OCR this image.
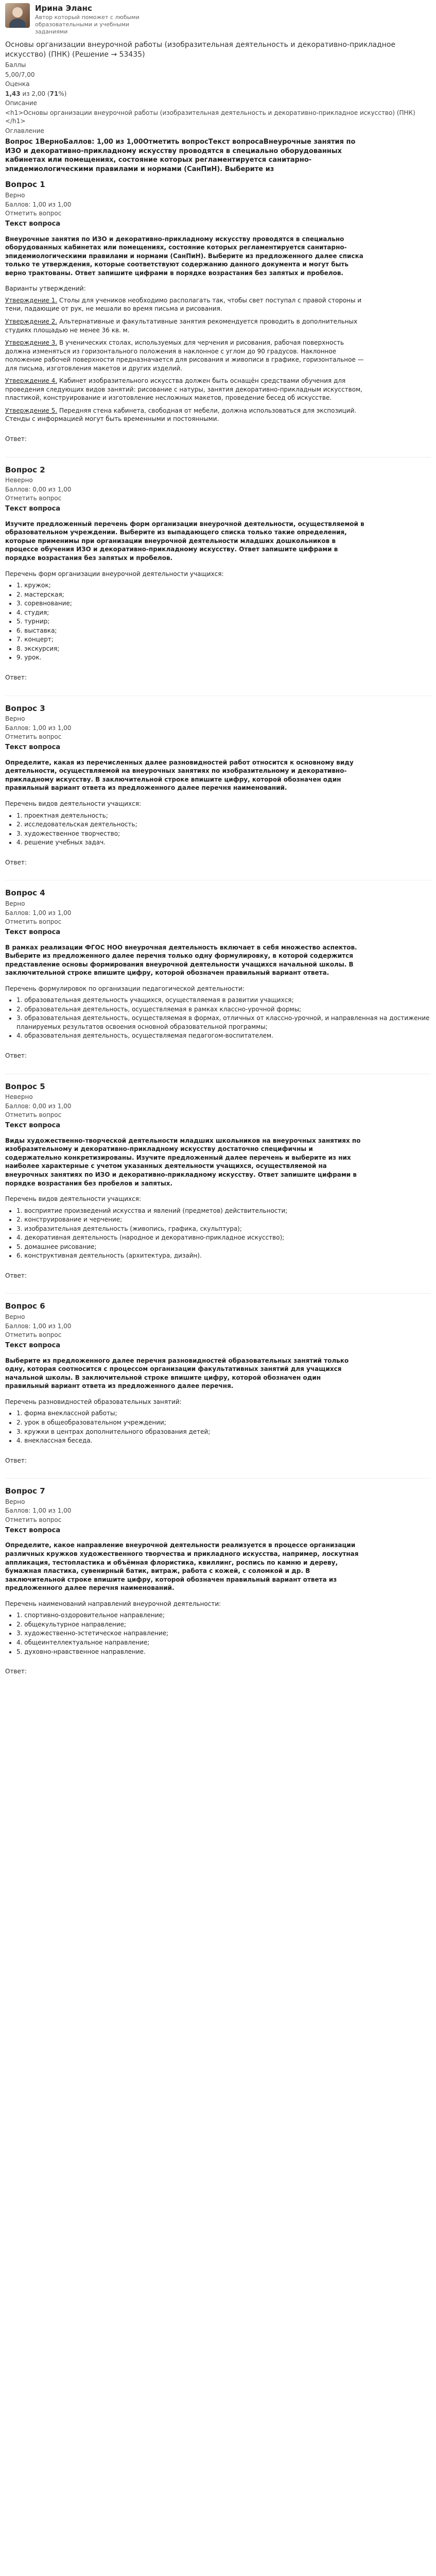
Ирина Эланс
Автор который поможет с любыми образовательными и учебными заданиями
Основы организации внеурочной работы (изобразительная деятельность и декоративно-прикладное искусство) (ПНК) (Решение → 53435)
Баллы
5,00/7,00
Оценка
1,43 из 2,00 (71%)
Описание
<h1>Основы организации внеурочной работы (изобразительная деятельность и декоративно-прикладное искусство) (ПНК)</h1>
Оглавление
Вопрос 1ВерноБаллов: 1,00 из 1,00Отметить вопросТекст вопросаВнеурочные занятия по ИЗО и декоративно-прикладному искусству проводятся в специально оборудованных кабинетах или помещениях, состояние которых регламентируется санитарно-эпидемиологическими правилами и нормами (СанПиН). Выберите из
Вопрос 1
Верно
Баллов: 1,00 из 1,00
Отметить вопрос
Текст вопроса
Внеурочные занятия по ИЗО и декоративно-прикладному искусству проводятся в специально оборудованных кабинетах или помещениях, состояние которых регламентируется санитарно-эпидемиологическими правилами и нормами (СанПиН). Выберите из предложенного далее списка только те утверждения, которые соответствуют содержанию данного документа и могут быть верно трактованы. Ответ запишите цифрами в порядке возрастания без запятых и пробелов.
Варианты утверждений:

Утверждение 1. Столы для учеников необходимо располагать так, чтобы свет поступал с правой стороны и тени, падающие от рук, не мешали во время письма и рисования.

Утверждение 2. Альтернативные и факультативные занятия рекомендуется проводить в дополнительных студиях площадью не менее 36 кв. м.

Утверждение 3. В ученических столах, используемых для черчения и рисования, рабочая поверхность должна изменяться из горизонтального положения в наклонное с углом до 90 градусов. Наклонное положение рабочей поверхности предназначается для рисования и живописи в графике, горизонтальное — для письма, изготовления макетов и других изделий.

Утверждение 4. Кабинет изобразительного искусства должен быть оснащён средствами обучения для проведения следующих видов занятий: рисование с натуры, занятия декоративно-прикладным искусством, пластикой, конструирование и изготовление несложных макетов, проведение бесед об искусстве.

Утверждение 5. Передняя стена кабинета, свободная от мебели, должна использоваться для экспозиций. Стенды с информацией могут быть временными и постоянными.

Ответ:
Вопрос 2
Неверно
Баллов: 0,00 из 1,00
Отметить вопрос
Текст вопроса
Изучите предложенный перечень форм организации внеурочной деятельности, осуществляемой в образовательном учреждении. Выберите из выпадающего списка только такие определения, которые применимы при организации внеурочной деятельности младших дошкольников в процессе обучения ИЗО и декоративно-прикладному искусству. Ответ запишите цифрами в порядке возрастания без запятых и пробелов.
Перечень форм организации внеурочной деятельности учащихся:
• 1. кружок;
• 2. мастерская;
• 3. соревнование;
• 4. студия;
• 5. турнир;
• 6. выставка;
• 7. концерт;
• 8. экскурсия;
• 9. урок.
Ответ:
Вопрос 3
Верно
Баллов: 1,00 из 1,00
Отметить вопрос
Текст вопроса
Определите, какая из перечисленных далее разновидностей работ относится к основному виду деятельности, осуществляемой на внеурочных занятиях по изобразительному и декоративно-прикладному искусству. В заключительной строке впишите цифру, которой обозначен один правильный вариант ответа из предложенного далее перечня наименований.
Перечень видов деятельности учащихся:
• 1. проектная деятельность;
• 2. исследовательская деятельность;
• 3. художественное творчество;
• 4. решение учебных задач.
Ответ:
Вопрос 4
Верно
Баллов: 1,00 из 1,00
Отметить вопрос
Текст вопроса
В рамках реализации ФГОС НОО внеурочная деятельность включает в себя множество аспектов. Выберите из предложенного далее перечня только одну формулировку, в которой содержится представление основы формирования внеурочной деятельности учащихся начальной школы. В заключительной строке впишите цифру, которой обозначен правильный вариант ответа.
Перечень формулировок по организации педагогической деятельности:
• 1. образовательная деятельность учащихся, осуществляемая в развитии учащихся;
• 2. образовательная деятельность, осуществляемая в рамках классно-урочной формы;
• 3. образовательная деятельность, осуществляемая в формах, отличных от классно-урочной, и направленная на достижение планируемых результатов освоения основной образовательной программы;
• 4. образовательная деятельность, осуществляемая педагогом-воспитателем.
Ответ:
Вопрос 5
Неверно
Баллов: 0,00 из 1,00
Отметить вопрос
Текст вопроса
Виды художественно-творческой деятельности младших школьников на внеурочных занятиях по изобразительному и декоративно-прикладному искусству достаточно специфичны и содержательно конкретизированы. Изучите предложенный далее перечень и выберите из них наиболее характерные с учетом указанных деятельности учащихся, осуществляемой на внеурочных занятиях по ИЗО и декоративно-прикладному искусству. Ответ запишите цифрами в порядке возрастания без пробелов и запятых.
Перечень видов деятельности учащихся:
• 1. восприятие произведений искусства и явлений (предметов) действительности;
• 2. конструирование и черчение;
• 3. изобразительная деятельность (живопись, графика, скульптура);
• 4. декоративная деятельность (народное и декоративно-прикладное искусство);
• 5. домашнее рисование;
• 6. конструктивная деятельность (архитектура, дизайн).
Ответ:
Вопрос 6
Верно
Баллов: 1,00 из 1,00
Отметить вопрос
Текст вопроса
Выберите из предложенного далее перечня разновидностей образовательных занятий только одну, которая соотносится с процессом организации факультативных занятий для учащихся начальной школы. В заключительной строке впишите цифру, которой обозначен один правильный вариант ответа из предложенного далее перечня.
Перечень разновидностей образовательных занятий:
• 1. форма внеклассной работы;
• 2. урок в общеобразовательном учреждении;
• 3. кружки в центрах дополнительного образования детей;
• 4. внеклассная беседа.
Ответ:
Вопрос 7
Верно
Баллов: 1,00 из 1,00
Отметить вопрос
Текст вопроса
Определите, какое направление внеурочной деятельности реализуется в процессе организации различных кружков художественного творчества и прикладного искусства, например, лоскутная аппликация, тестопластика и объёмная флористика, квиллинг, роспись по камню и дереву, бумажная пластика, сувенирный батик, витраж, работа с кожей, с соломкой и др. В заключительной строке впишите цифру, которой обозначен правильный вариант ответа из предложенного далее перечня наименований.
Перечень наименований направлений внеурочной деятельности:
• 1. спортивно-оздоровительное направление;
• 2. общекультурное направление;
• 3. художественно-эстетическое направление;
• 4. общеинтеллектуальное направление;
• 5. духовно-нравственное направление.
Ответ:
